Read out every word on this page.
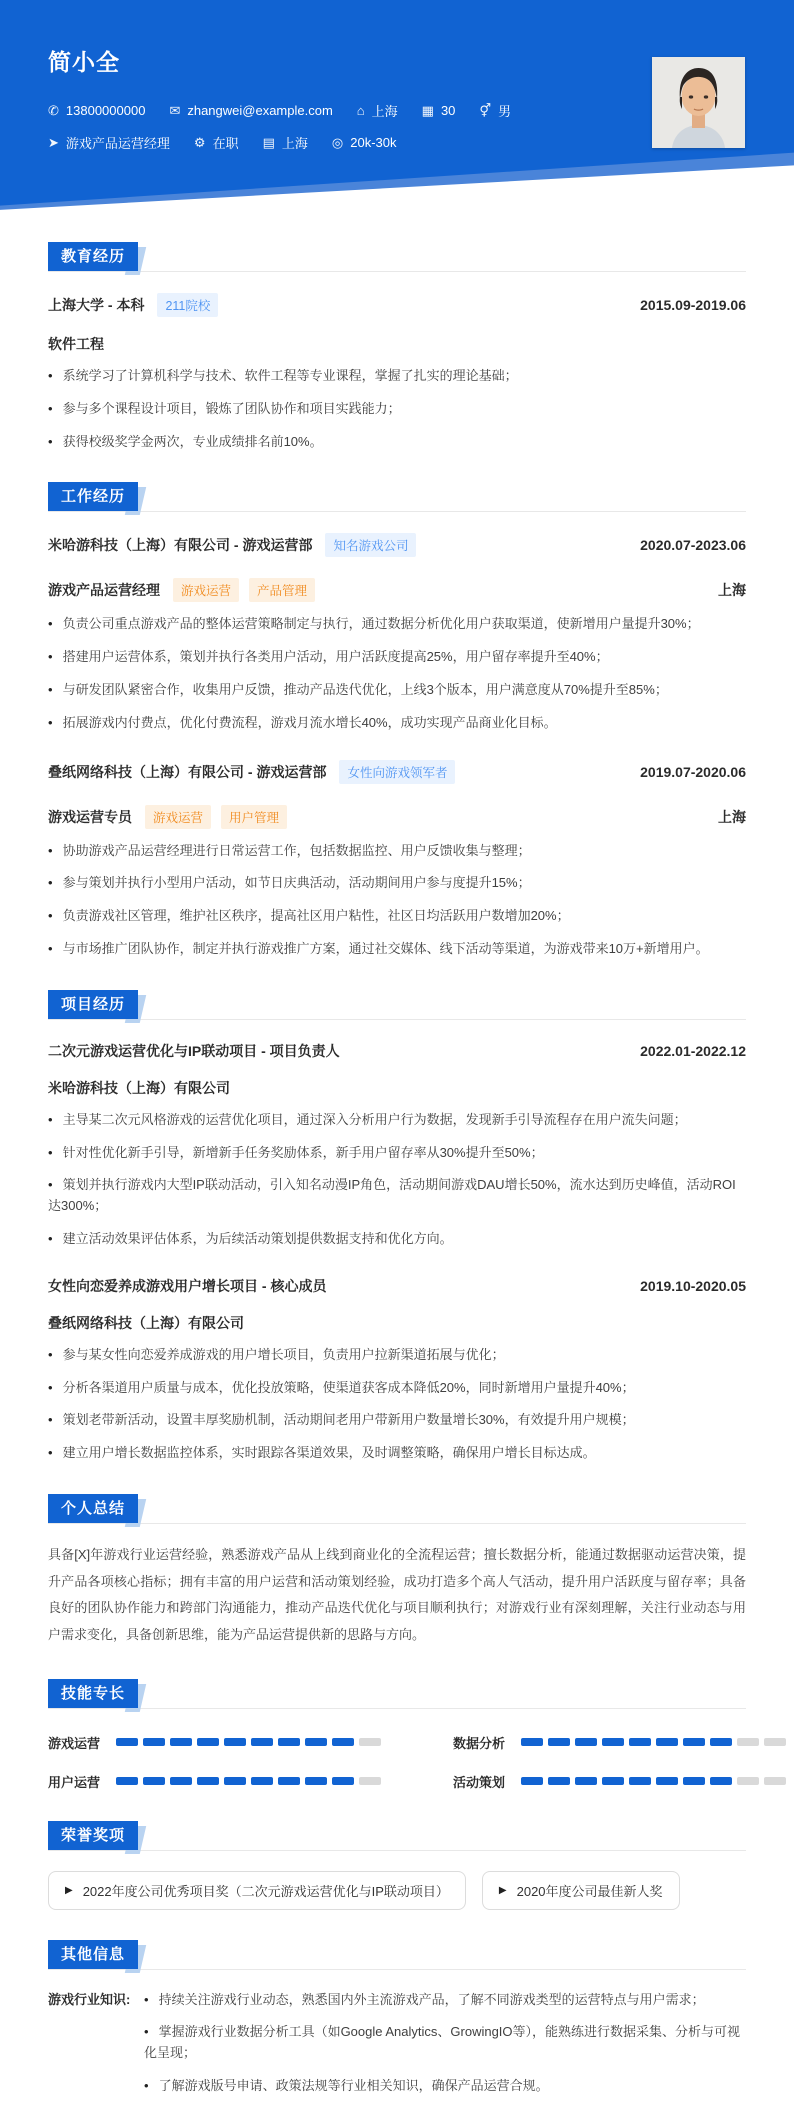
简小全
✆ 13800000000 ✉ zhangwei@example.com ⌂ 上海 ▦ 30 ⚥ 男
➤ 游戏产品运营经理 ⚙ 在职 ▤ 上海 ◎ 20k-30k
教育经历
上海大学 - 本科	211院校	2015.09-2019.06
软件工程
• 系统学习了计算机科学与技术、软件工程等专业课程，掌握了扎实的理论基础；
• 参与多个课程设计项目，锻炼了团队协作和项目实践能力；
• 获得校级奖学金两次，专业成绩排名前10%。
工作经历
米哈游科技（上海）有限公司 - 游戏运营部	知名游戏公司	2020.07-2023.06
游戏产品运营经理	游戏运营	产品管理	上海
• 负责公司重点游戏产品的整体运营策略制定与执行，通过数据分析优化用户获取渠道，使新增用户量提升30%；
• 搭建用户运营体系，策划并执行各类用户活动，用户活跃度提高25%，用户留存率提升至40%；
• 与研发团队紧密合作，收集用户反馈，推动产品迭代优化，上线3个版本，用户满意度从70%提升至85%；
• 拓展游戏内付费点，优化付费流程，游戏月流水增长40%，成功实现产品商业化目标。
叠纸网络科技（上海）有限公司 - 游戏运营部	女性向游戏领军者	2019.07-2020.06
游戏运营专员	游戏运营	用户管理	上海
• 协助游戏产品运营经理进行日常运营工作，包括数据监控、用户反馈收集与整理；
• 参与策划并执行小型用户活动，如节日庆典活动，活动期间用户参与度提升15%；
• 负责游戏社区管理，维护社区秩序，提高社区用户粘性，社区日均活跃用户数增加20%；
• 与市场推广团队协作，制定并执行游戏推广方案，通过社交媒体、线下活动等渠道，为游戏带来10万+新增用户。
项目经历
二次元游戏运营优化与IP联动项目 - 项目负责人	2022.01-2022.12
米哈游科技（上海）有限公司
• 主导某二次元风格游戏的运营优化项目，通过深入分析用户行为数据，发现新手引导流程存在用户流失问题；
• 针对性优化新手引导，新增新手任务奖励体系，新手用户留存率从30%提升至50%；
• 策划并执行游戏内大型IP联动活动，引入知名动漫IP角色，活动期间游戏DAU增长50%，流水达到历史峰值，活动ROI达300%；
• 建立活动效果评估体系，为后续活动策划提供数据支持和优化方向。
女性向恋爱养成游戏用户增长项目 - 核心成员	2019.10-2020.05
叠纸网络科技（上海）有限公司
• 参与某女性向恋爱养成游戏的用户增长项目，负责用户拉新渠道拓展与优化；
• 分析各渠道用户质量与成本，优化投放策略，使渠道获客成本降低20%，同时新增用户量提升40%；
• 策划老带新活动，设置丰厚奖励机制，活动期间老用户带新用户数量增长30%，有效提升用户规模；
• 建立用户增长数据监控体系，实时跟踪各渠道效果，及时调整策略，确保用户增长目标达成。
个人总结

具备[X]年游戏行业运营经验，熟悉游戏产品从上线到商业化的全流程运营；擅长数据分析，能通过数据驱动运营决策，提升产品各项核心指标；拥有丰富的用户运营和活动策划经验，成功打造多个高人气活动，提升用户活跃度与留存率；具备良好的团队协作能力和跨部门沟通能力，推动产品迭代优化与项目顺利执行；对游戏行业有深刻理解，关注行业动态与用户需求变化，具备创新思维，能为产品运营提供新的思路与方向。

技能专长
游戏运营	数据分析
用户运营	活动策划
荣誉奖项
▶ 2022年度公司优秀项目奖（二次元游戏运营优化与IP联动项目）	▶ 2020年度公司最佳新人奖
其他信息
游戏行业知识:	• 持续关注游戏行业动态，熟悉国内外主流游戏产品，了解不同游戏类型的运营特点与用户需求；
• 掌握游戏行业数据分析工具（如Google Analytics、GrowingIO等），能熟练进行数据采集、分析与可视化呈现；
• 了解游戏版号申请、政策法规等行业相关知识，确保产品运营合规。
